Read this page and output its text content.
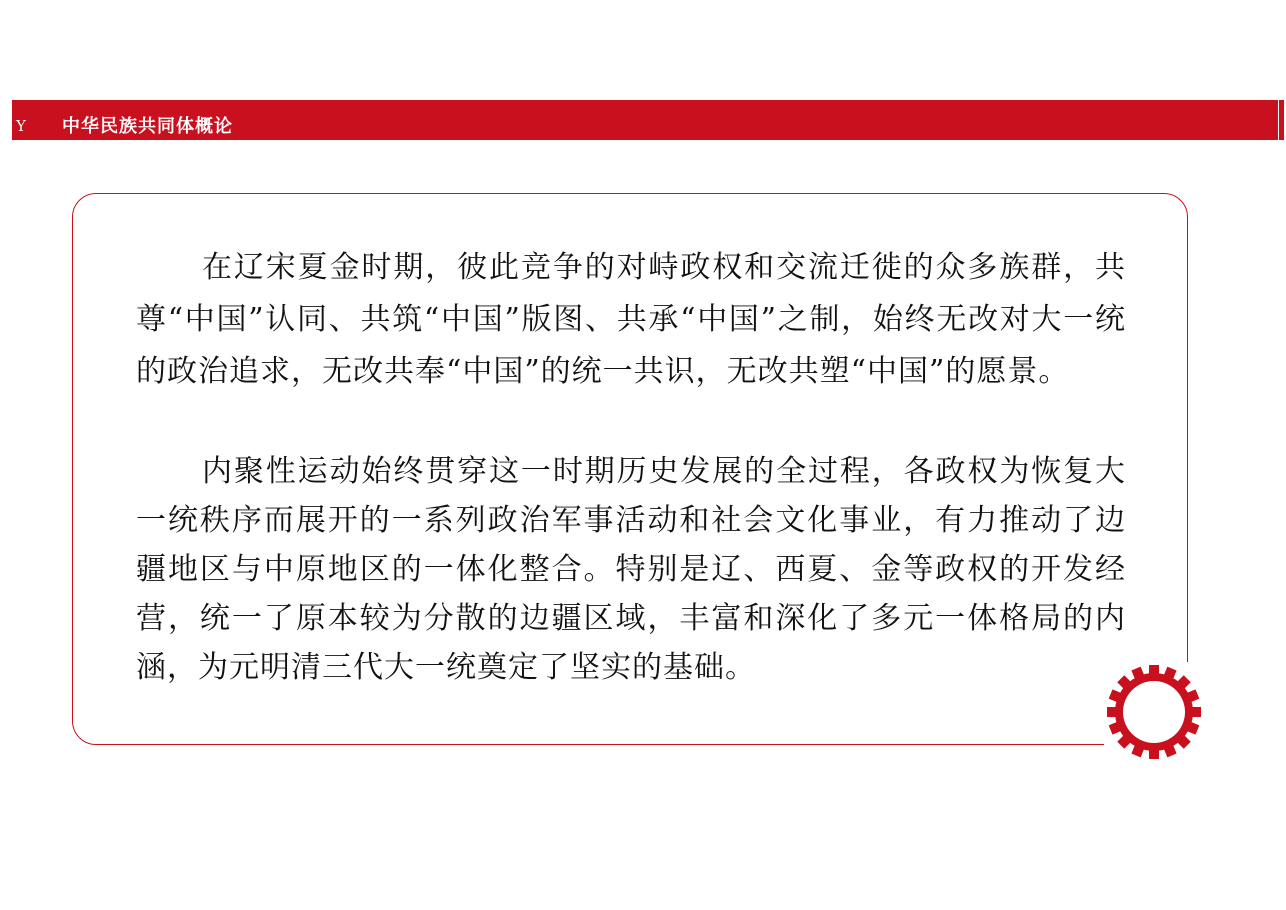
Y 中华民族共同体概论

在辽宋夏金时期，彼此竞争的对峙政权和交流迁徙的众多族群，共尊“中国”认同、共筑“中国”版图、共承“中国”之制，始终无改对大一统的政治追求，无改共奉“中国”的统一共识，无改共塑“中国”的愿景。

内聚性运动始终贯穿这一时期历史发展的全过程，各政权为恢复大一统秩序而展开的一系列政治军事活动和社会文化事业，有力推动了边疆地区与中原地区的一体化整合。特别是辽、西夏、金等政权的开发经营，统一了原本较为分散的边疆区域，丰富和深化了多元一体格局的内涵，为元明清三代大一统奠定了坚实的基础。
